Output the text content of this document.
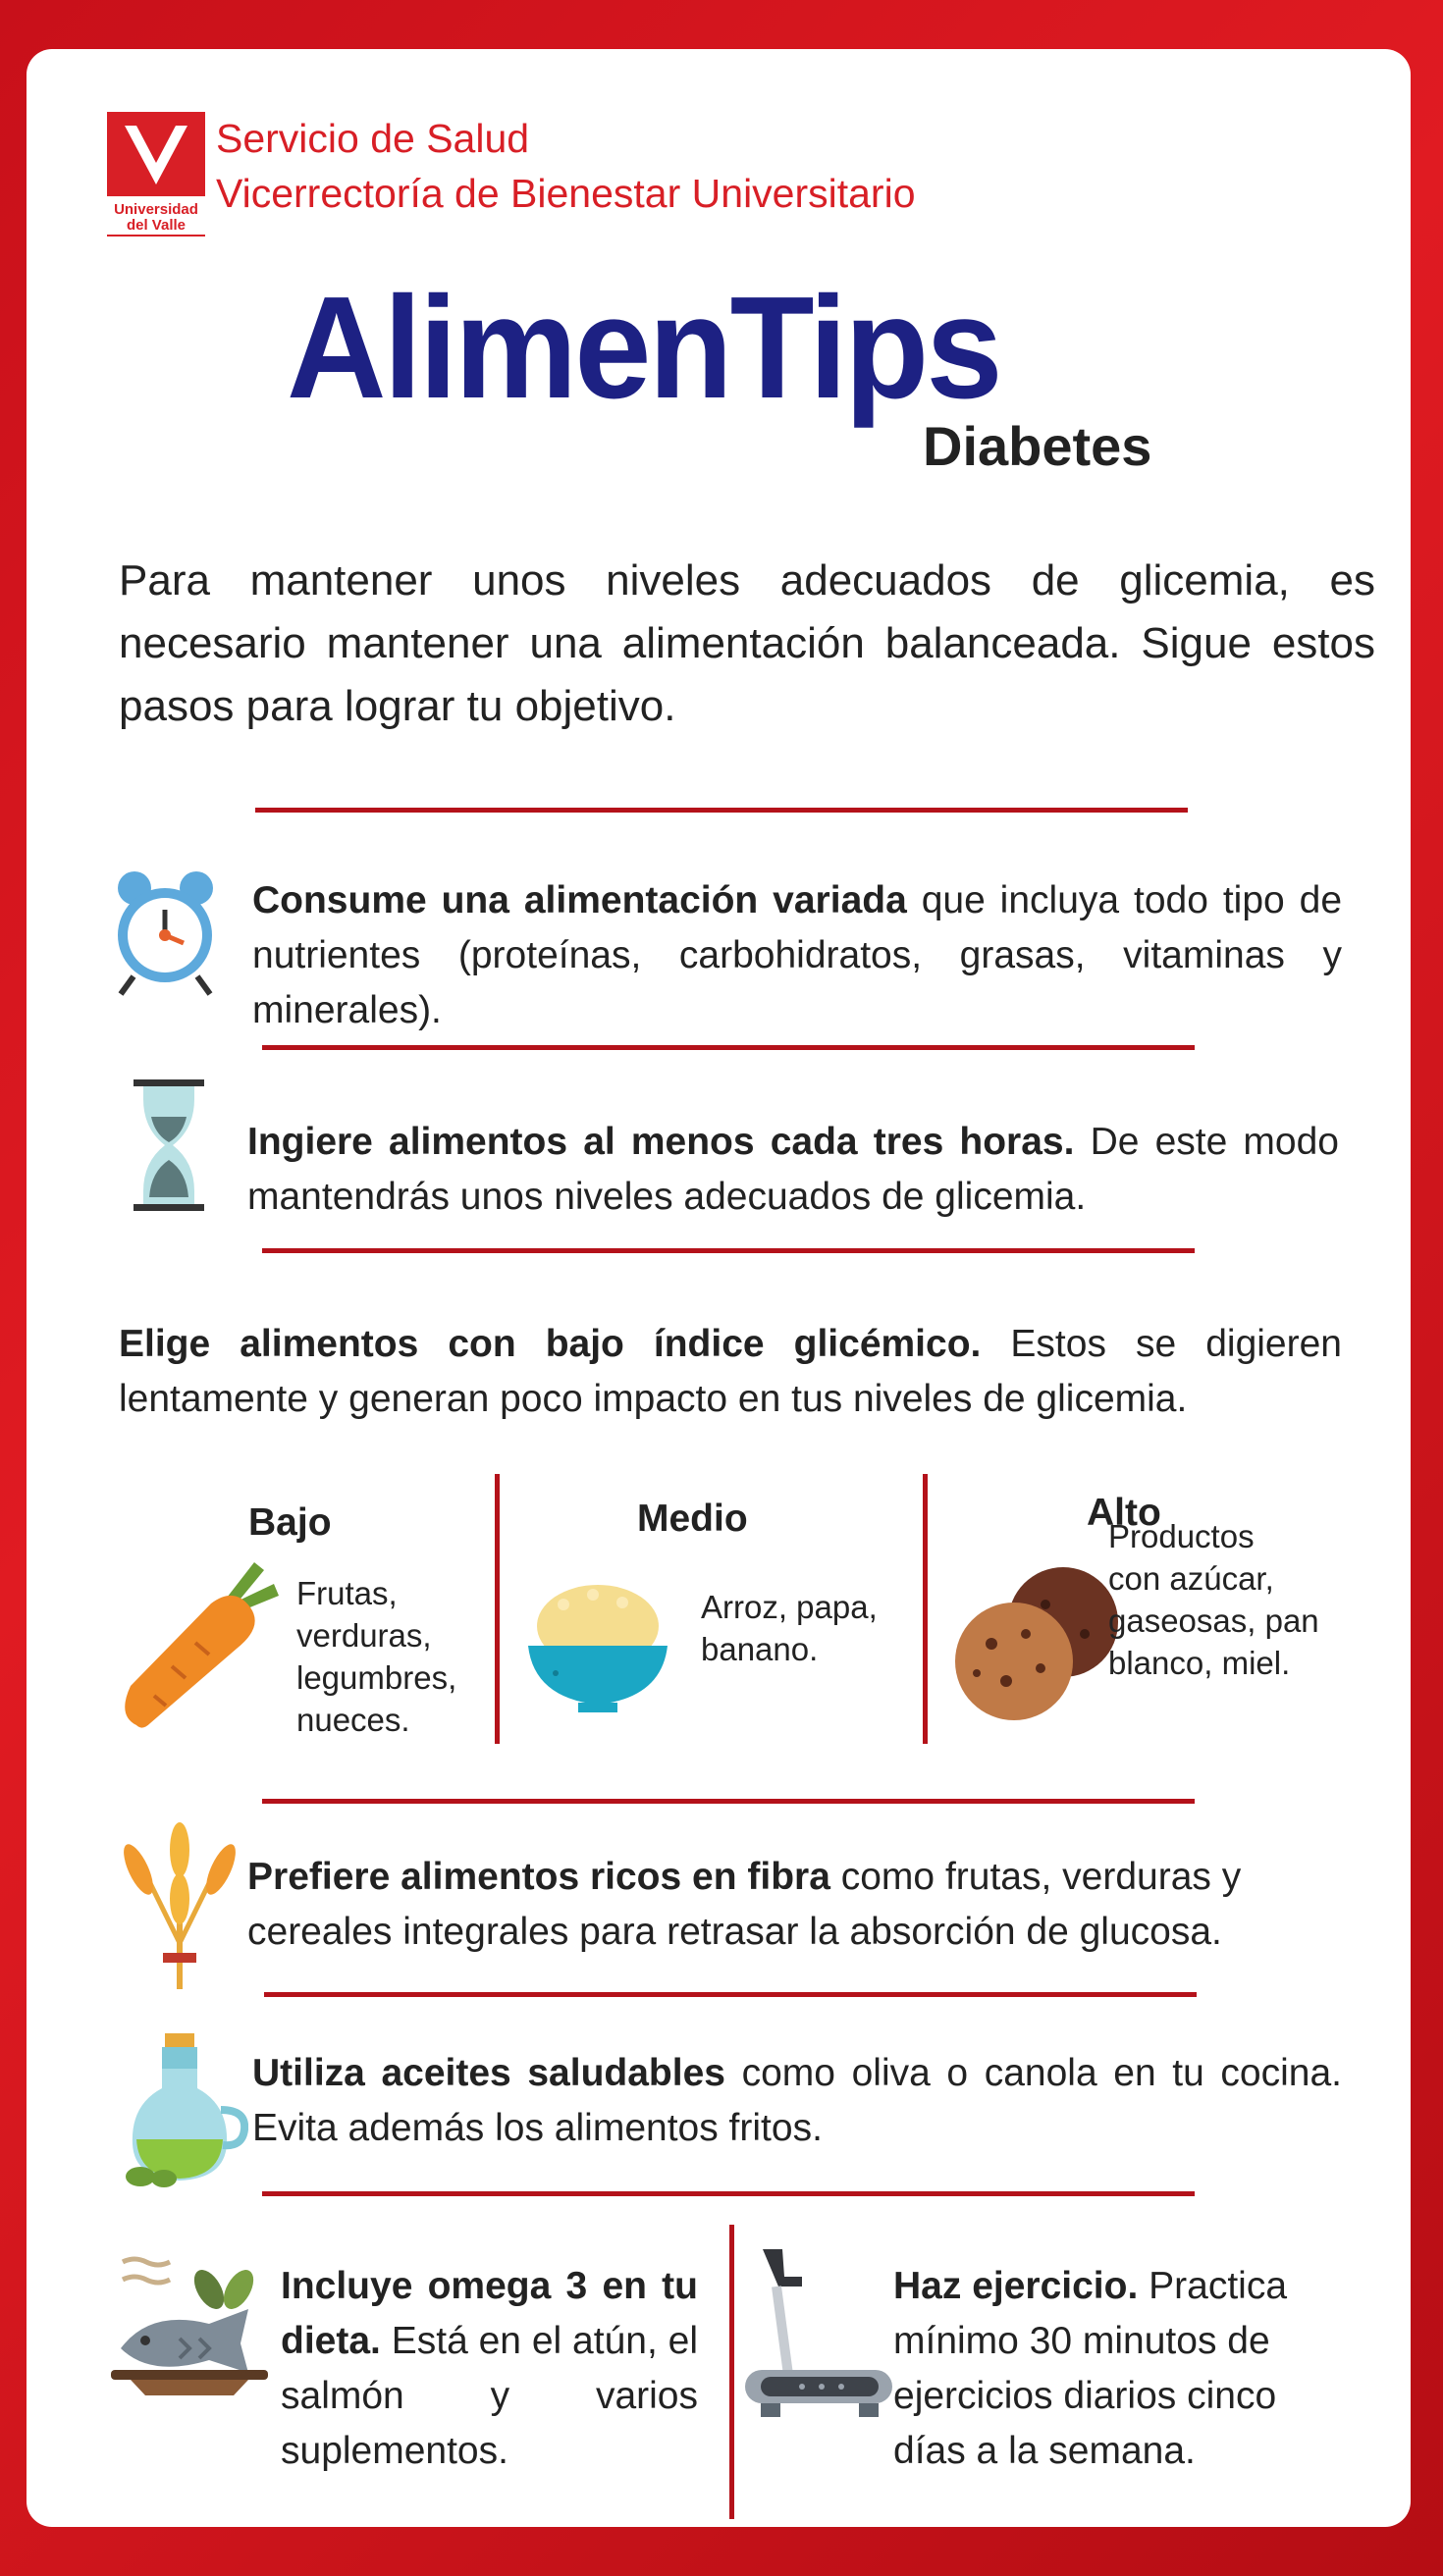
Universidad
del Valle
Servicio de Salud
Vicerrectoría de Bienestar Universitario
AlimenTips
Diabetes
Para mantener unos niveles adecuados de glicemia, es necesario mantener una alimentación balanceada. Sigue estos pasos para lograr tu objetivo.
Consume una alimentación variada que incluya todo tipo de nutrientes (proteínas, carbohidratos, grasas, vitaminas y minerales).
Ingiere alimentos al menos cada tres horas. De este modo mantendrás unos niveles adecuados de glicemia.
Elige alimentos con bajo índice glicémico. Estos se digieren lentamente y generan poco impacto en tus niveles de glicemia.
Bajo
Frutas,
verduras,
legumbres,
nueces.
Medio
Arroz, papa,
banano.
Alto
Productos
con azúcar,
gaseosas, pan
blanco, miel.
Prefiere alimentos ricos en fibra como frutas, verduras y cereales integrales para retrasar la absorción de glucosa.
Utiliza aceites saludables como oliva o canola en tu cocina. Evita además los alimentos fritos.
Incluye omega 3 en tu dieta. Está en el atún, el salmón y varios suplementos.
Haz ejercicio. Practica mínimo 30 minutos de ejercicios diarios cinco días a la semana.
